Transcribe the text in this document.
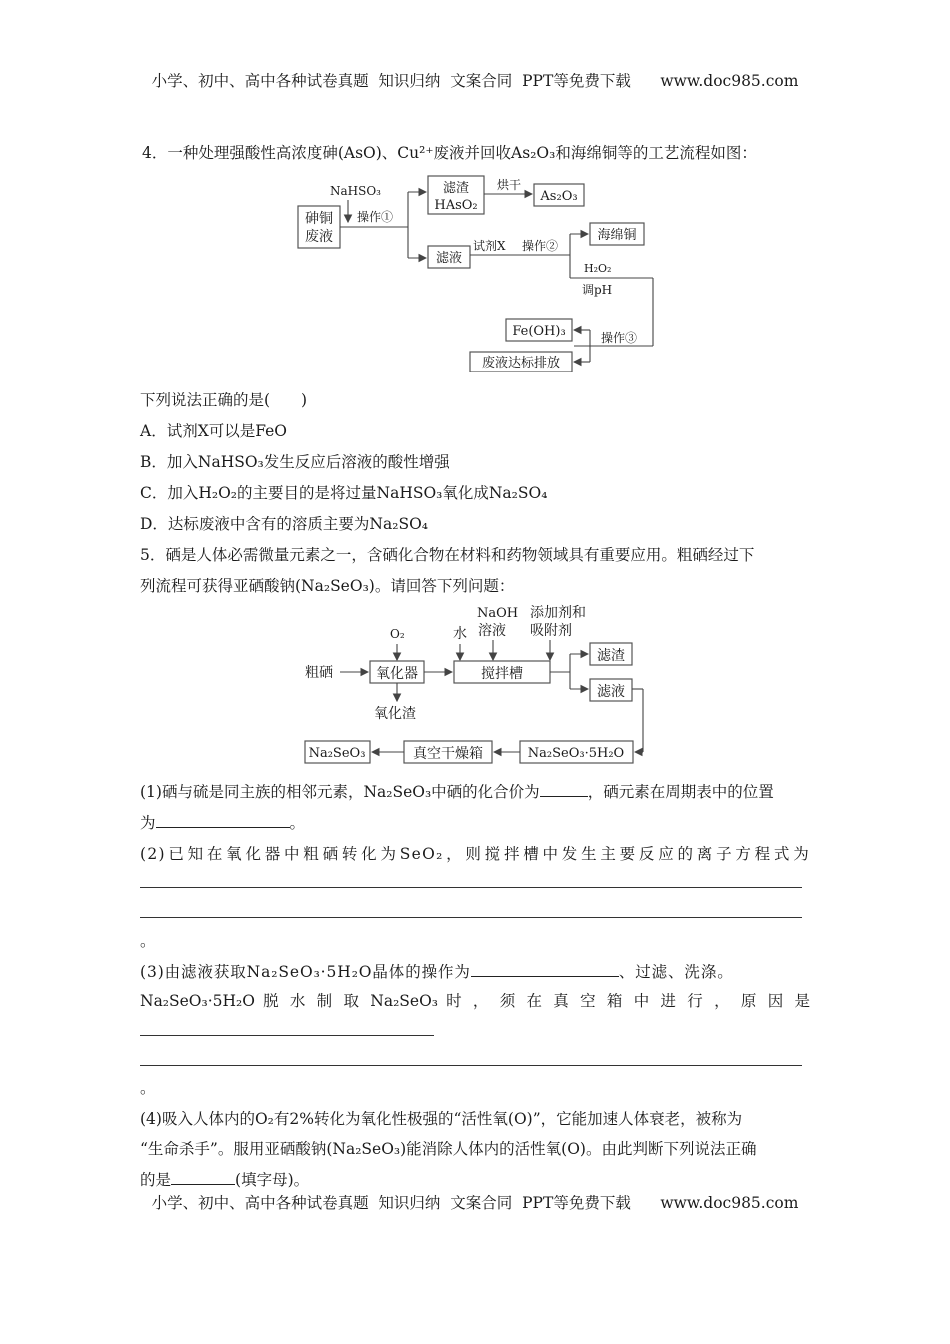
小学、初中、高中各种试卷真题  知识归纳  文案合同  PPT等免费下载      www.doc985.com
4．一种处理强酸性高浓度砷(AsO)、Cu²⁺废液并回收As₂O₃和海绵铜等的工艺流程如图：
砷铜
废液
NaHSO₃
操作①
滤渣
HAsO₂
烘干
As₂O₃
滤液
试剂X 操作②
海绵铜
H₂O₂
调pH
操作③
Fe(OH)₃
废液达标排放
下列说法正确的是(　　)
A．试剂X可以是FeO
B．加入NaHSO₃发生反应后溶液的酸性增强
C．加入H₂O₂的主要目的是将过量NaHSO₃氧化成Na₂SO₄
D．达标废液中含有的溶质主要为Na₂SO₄
5．硒是人体必需微量元素之一，含硒化合物在材料和药物领域具有重要应用。粗硒经过下
列流程可获得亚硒酸钠(Na₂SeO₃)。请回答下列问题：
粗硒
O₂
氧化器
氧化渣
水
NaOH
溶液
添加剂和
吸附剂
搅拌槽
滤渣
滤液
Na₂SeO₃·5H₂O
真空干燥箱
Na₂SeO₃
(1)硒与硫是同主族的相邻元素，Na₂SeO₃中硒的化合价为	，硒元素在周期表中的位置
为	。
(2)已知在氧化器中粗硒转化为SeO₂，则搅拌槽中发生主要反应的离子方程式为
。
(3)由滤液获取Na₂SeO₃·5H₂O晶体的操作为	、过滤、洗涤。
Na₂SeO₃·5H₂O 脱 水 制 取 Na₂SeO₃ 时 ， 须 在 真 空 箱 中 进 行 ， 原 因 是
。
(4)吸入人体内的O₂有2%转化为氧化性极强的“活性氧(O)”，它能加速人体衰老，被称为
“生命杀手”。服用亚硒酸钠(Na₂SeO₃)能消除人体内的活性氧(O)。由此判断下列说法正确
的是	(填字母)。
小学、初中、高中各种试卷真题  知识归纳  文案合同  PPT等免费下载      www.doc985.com
